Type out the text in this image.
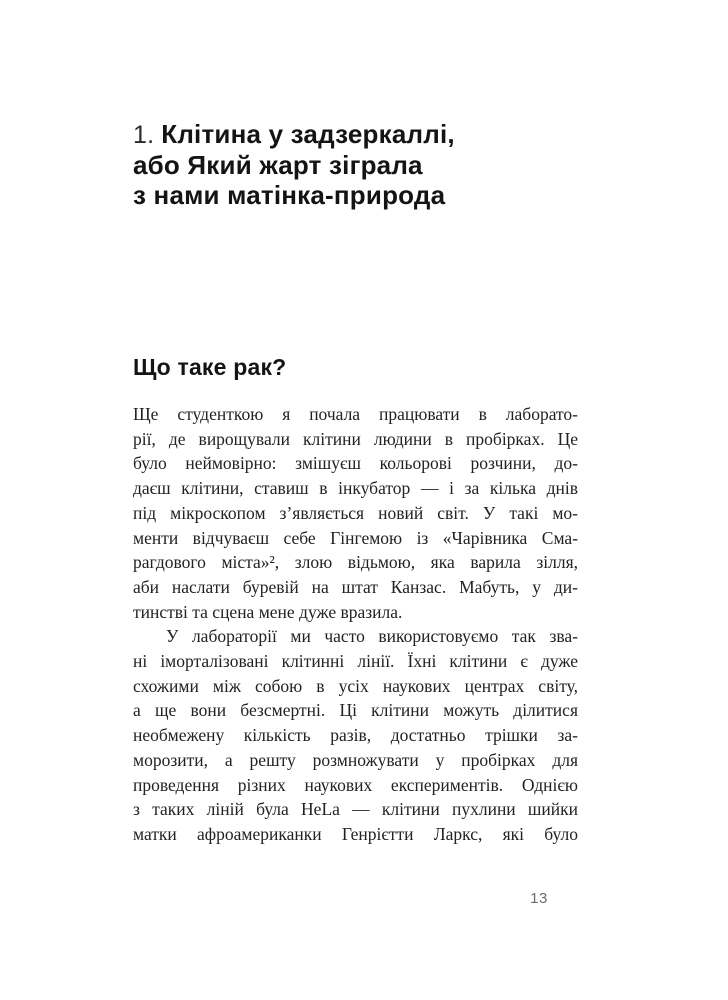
1. Клітина у задзеркаллі,
або Який жарт зіграла
з нами матінка-природа
Що таке рак?
Ще студенткою я почала працювати в лаборато-
рії, де вирощували клітини людини в пробірках. Це
було неймовірно: змішуєш кольорові розчини, до-
даєш клітини, ставиш в інкубатор — і за кілька днів
під мікроскопом з’являється новий світ. У такі мо-
менти відчуваєш себе Гінгемою із «Чарівника Сма-
рагдового міста»², злою відьмою, яка варила зілля,
аби наслати буревій на штат Канзас. Мабуть, у ди-
тинстві та сцена мене дуже вразила.
У лабораторії ми часто використовуємо так зва-
ні іморталізовані клітинні лінії. Їхні клітини є дуже
схожими між собою в усіх наукових центрах світу,
а ще вони безсмертні. Ці клітини можуть ділитися
необмежену кількість разів, достатньо трішки за-
морозити, а решту розмножувати у пробірках для
проведення різних наукових експериментів. Однією
з таких ліній була HeLa — клітини пухлини шийки
матки афроамериканки Генрієтти Ларкс, які було
13
